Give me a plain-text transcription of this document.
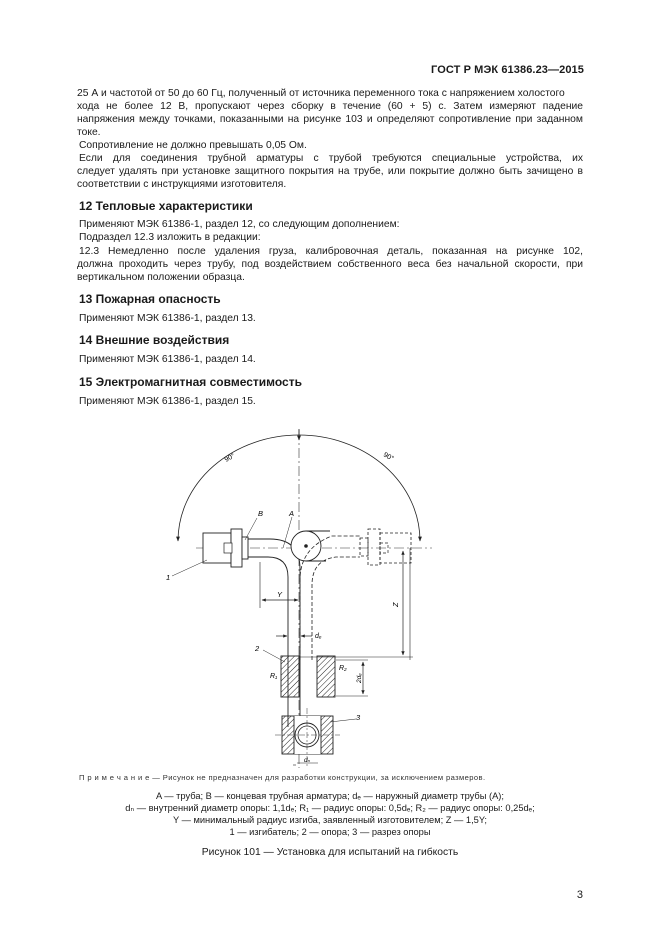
ГОСТ Р МЭК 61386.23—2015
25 А и частотой от 50 до 60 Гц, полученный от источника переменного тока с напряжением холостого
хода не более 12 В, пропускают через сборку в течение (60 + 5) с. Затем измеряют падение
напряжения между точками, показанными на рисунке 103 и определяют сопротивление при заданном
токе.
Сопротивление не должно превышать 0,05 Ом.
Если для соединения трубной арматуры с трубой требуются специальные устройства, их
следует удалять при установке защитного покрытия на трубе, или покрытие должно быть зачищено в
соответствии с инструкциями изготовителя.
12 Тепловые характеристики
Применяют МЭК 61386-1, раздел 12, со следующим дополнением:
Подраздел 12.3 изложить в редакции:
12.3 Немедленно после удаления груза, калибровочная деталь, показанная на рисунке 102,
должна проходить через трубу, под воздействием собственного веса без начальной скорости, при
вертикальном положении образца.
13 Пожарная опасность
Применяют МЭК 61386-1, раздел 13.
14 Внешние воздействия
Применяют МЭК 61386-1, раздел 14.
15 Электромагнитная совместимость
Применяют МЭК 61386-1, раздел 15.
90°	90°
B	A
1
Y
Z
dₑ
2
R₁
R₂
2dₑ
3
dₙ
П р и м е ч а н и е — Рисунок не предназначен для разработки конструкции, за исключением размеров.
A — труба; B — концевая трубная арматура; dₑ — наружный диаметр трубы (A);
dₙ — внутренний диаметр опоры: 1,1dₑ; R₁ — радиус опоры: 0,5dₑ; R₂ — радиус опоры: 0,25dₑ;
Y — минимальный радиус изгиба, заявленный изготовителем; Z — 1,5Y;
1 — изгибатель; 2 — опора; 3 — разрез опоры
Рисунок 101 — Установка для испытаний на гибкость
3
